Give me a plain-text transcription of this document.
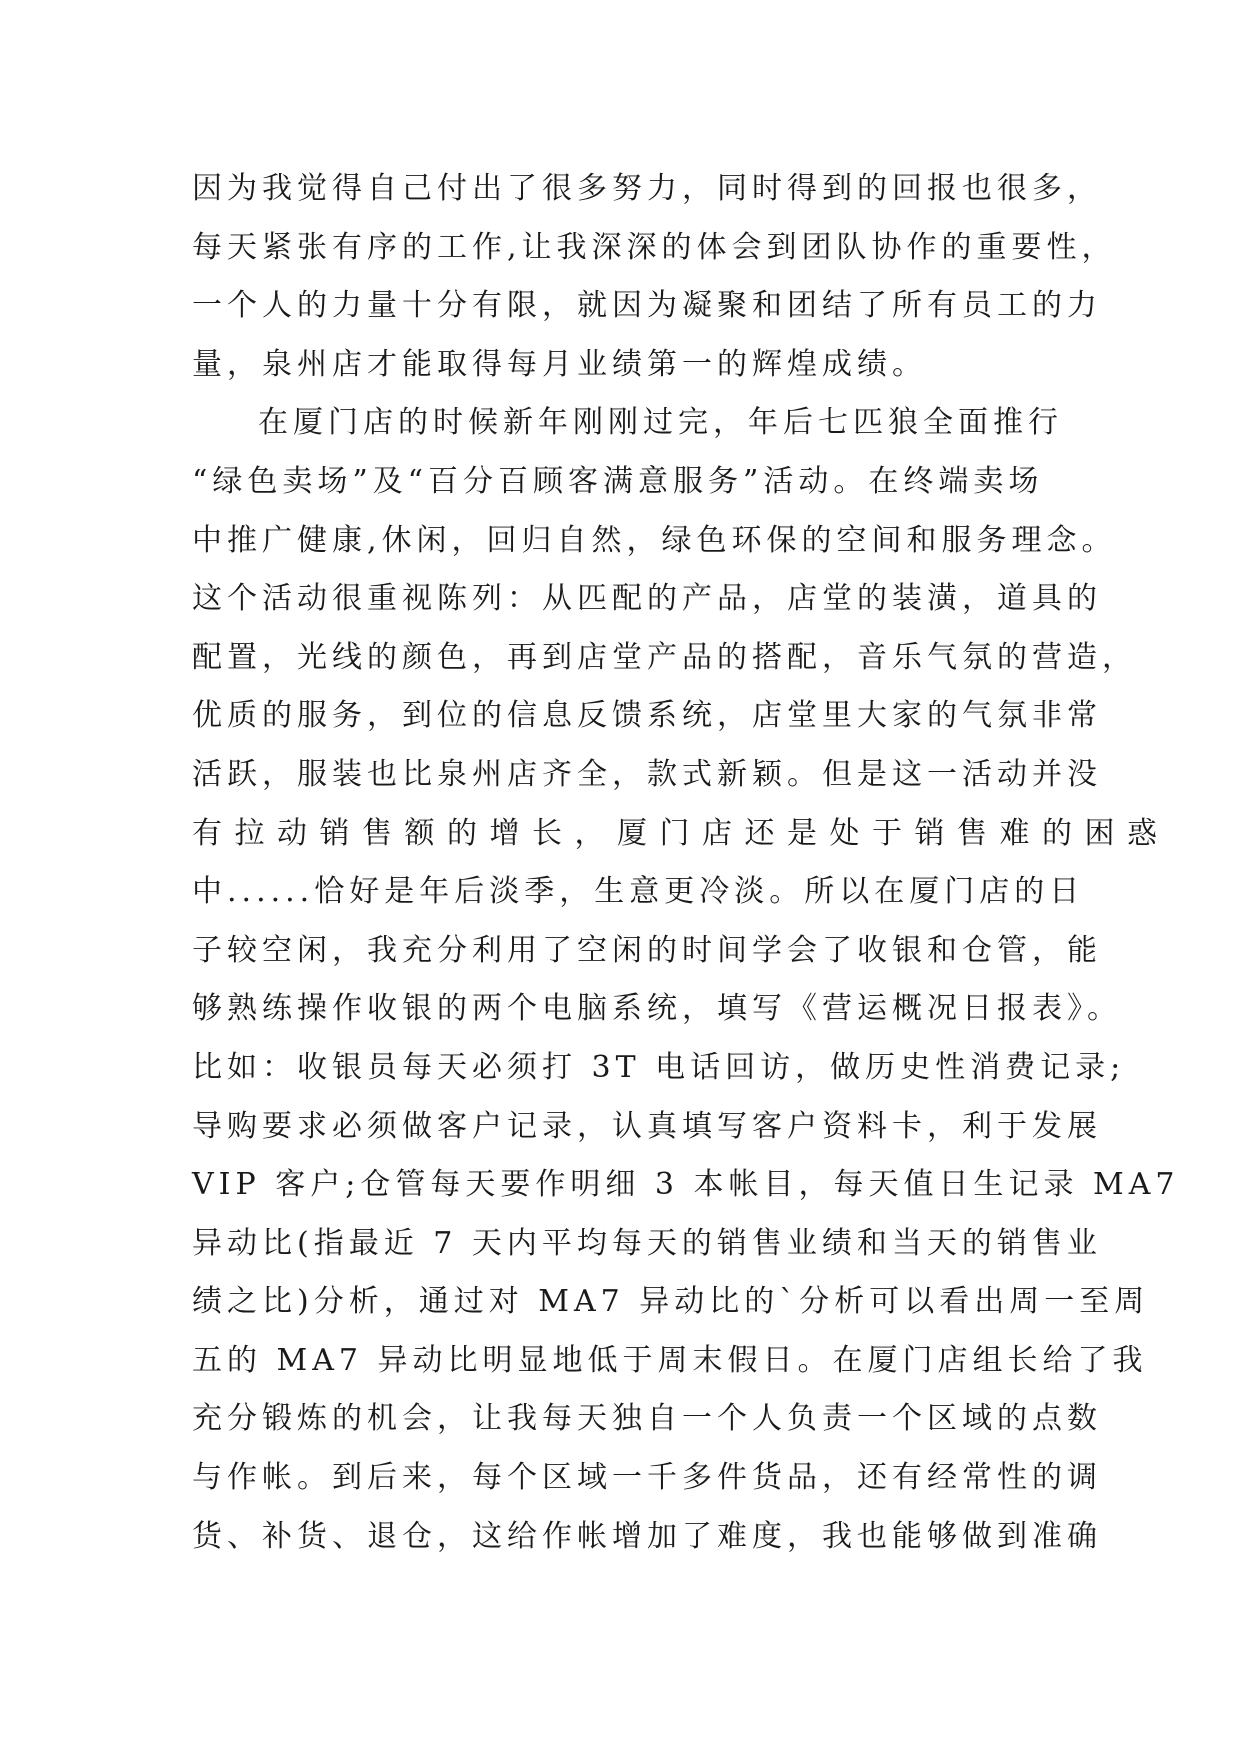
因为我觉得自己付出了很多努力，同时得到的回报也很多，
每天紧张有序的工作,让我深深的体会到团队协作的重要性，
一个人的力量十分有限，就因为凝聚和团结了所有员工的力
量，泉州店才能取得每月业绩第一的辉煌成绩。
在厦门店的时候新年刚刚过完，年后七匹狼全面推行
“绿色卖场”及“百分百顾客满意服务”活动。在终端卖场
中推广健康,休闲，回归自然，绿色环保的空间和服务理念。
这个活动很重视陈列：从匹配的产品，店堂的装潢，道具的
配置，光线的颜色，再到店堂产品的搭配，音乐气氛的营造，
优质的服务，到位的信息反馈系统，店堂里大家的气氛非常
活跃，服装也比泉州店齐全，款式新颖。但是这一活动并没
有拉动销售额的增长，厦门店还是处于销售难的困惑
中......恰好是年后淡季，生意更冷淡。所以在厦门店的日
子较空闲，我充分利用了空闲的时间学会了收银和仓管，能
够熟练操作收银的两个电脑系统，填写《营运概况日报表》。
比如：收银员每天必须打 3T 电话回访，做历史性消费记录;
导购要求必须做客户记录，认真填写客户资料卡，利于发展
VIP 客户;仓管每天要作明细 3 本帐目，每天值日生记录 MA7
异动比(指最近 7 天内平均每天的销售业绩和当天的销售业
绩之比)分析，通过对 MA7 异动比的`分析可以看出周一至周
五的 MA7 异动比明显地低于周末假日。在厦门店组长给了我
充分锻炼的机会，让我每天独自一个人负责一个区域的点数
与作帐。到后来，每个区域一千多件货品，还有经常性的调
货、补货、退仓，这给作帐增加了难度，我也能够做到准确
